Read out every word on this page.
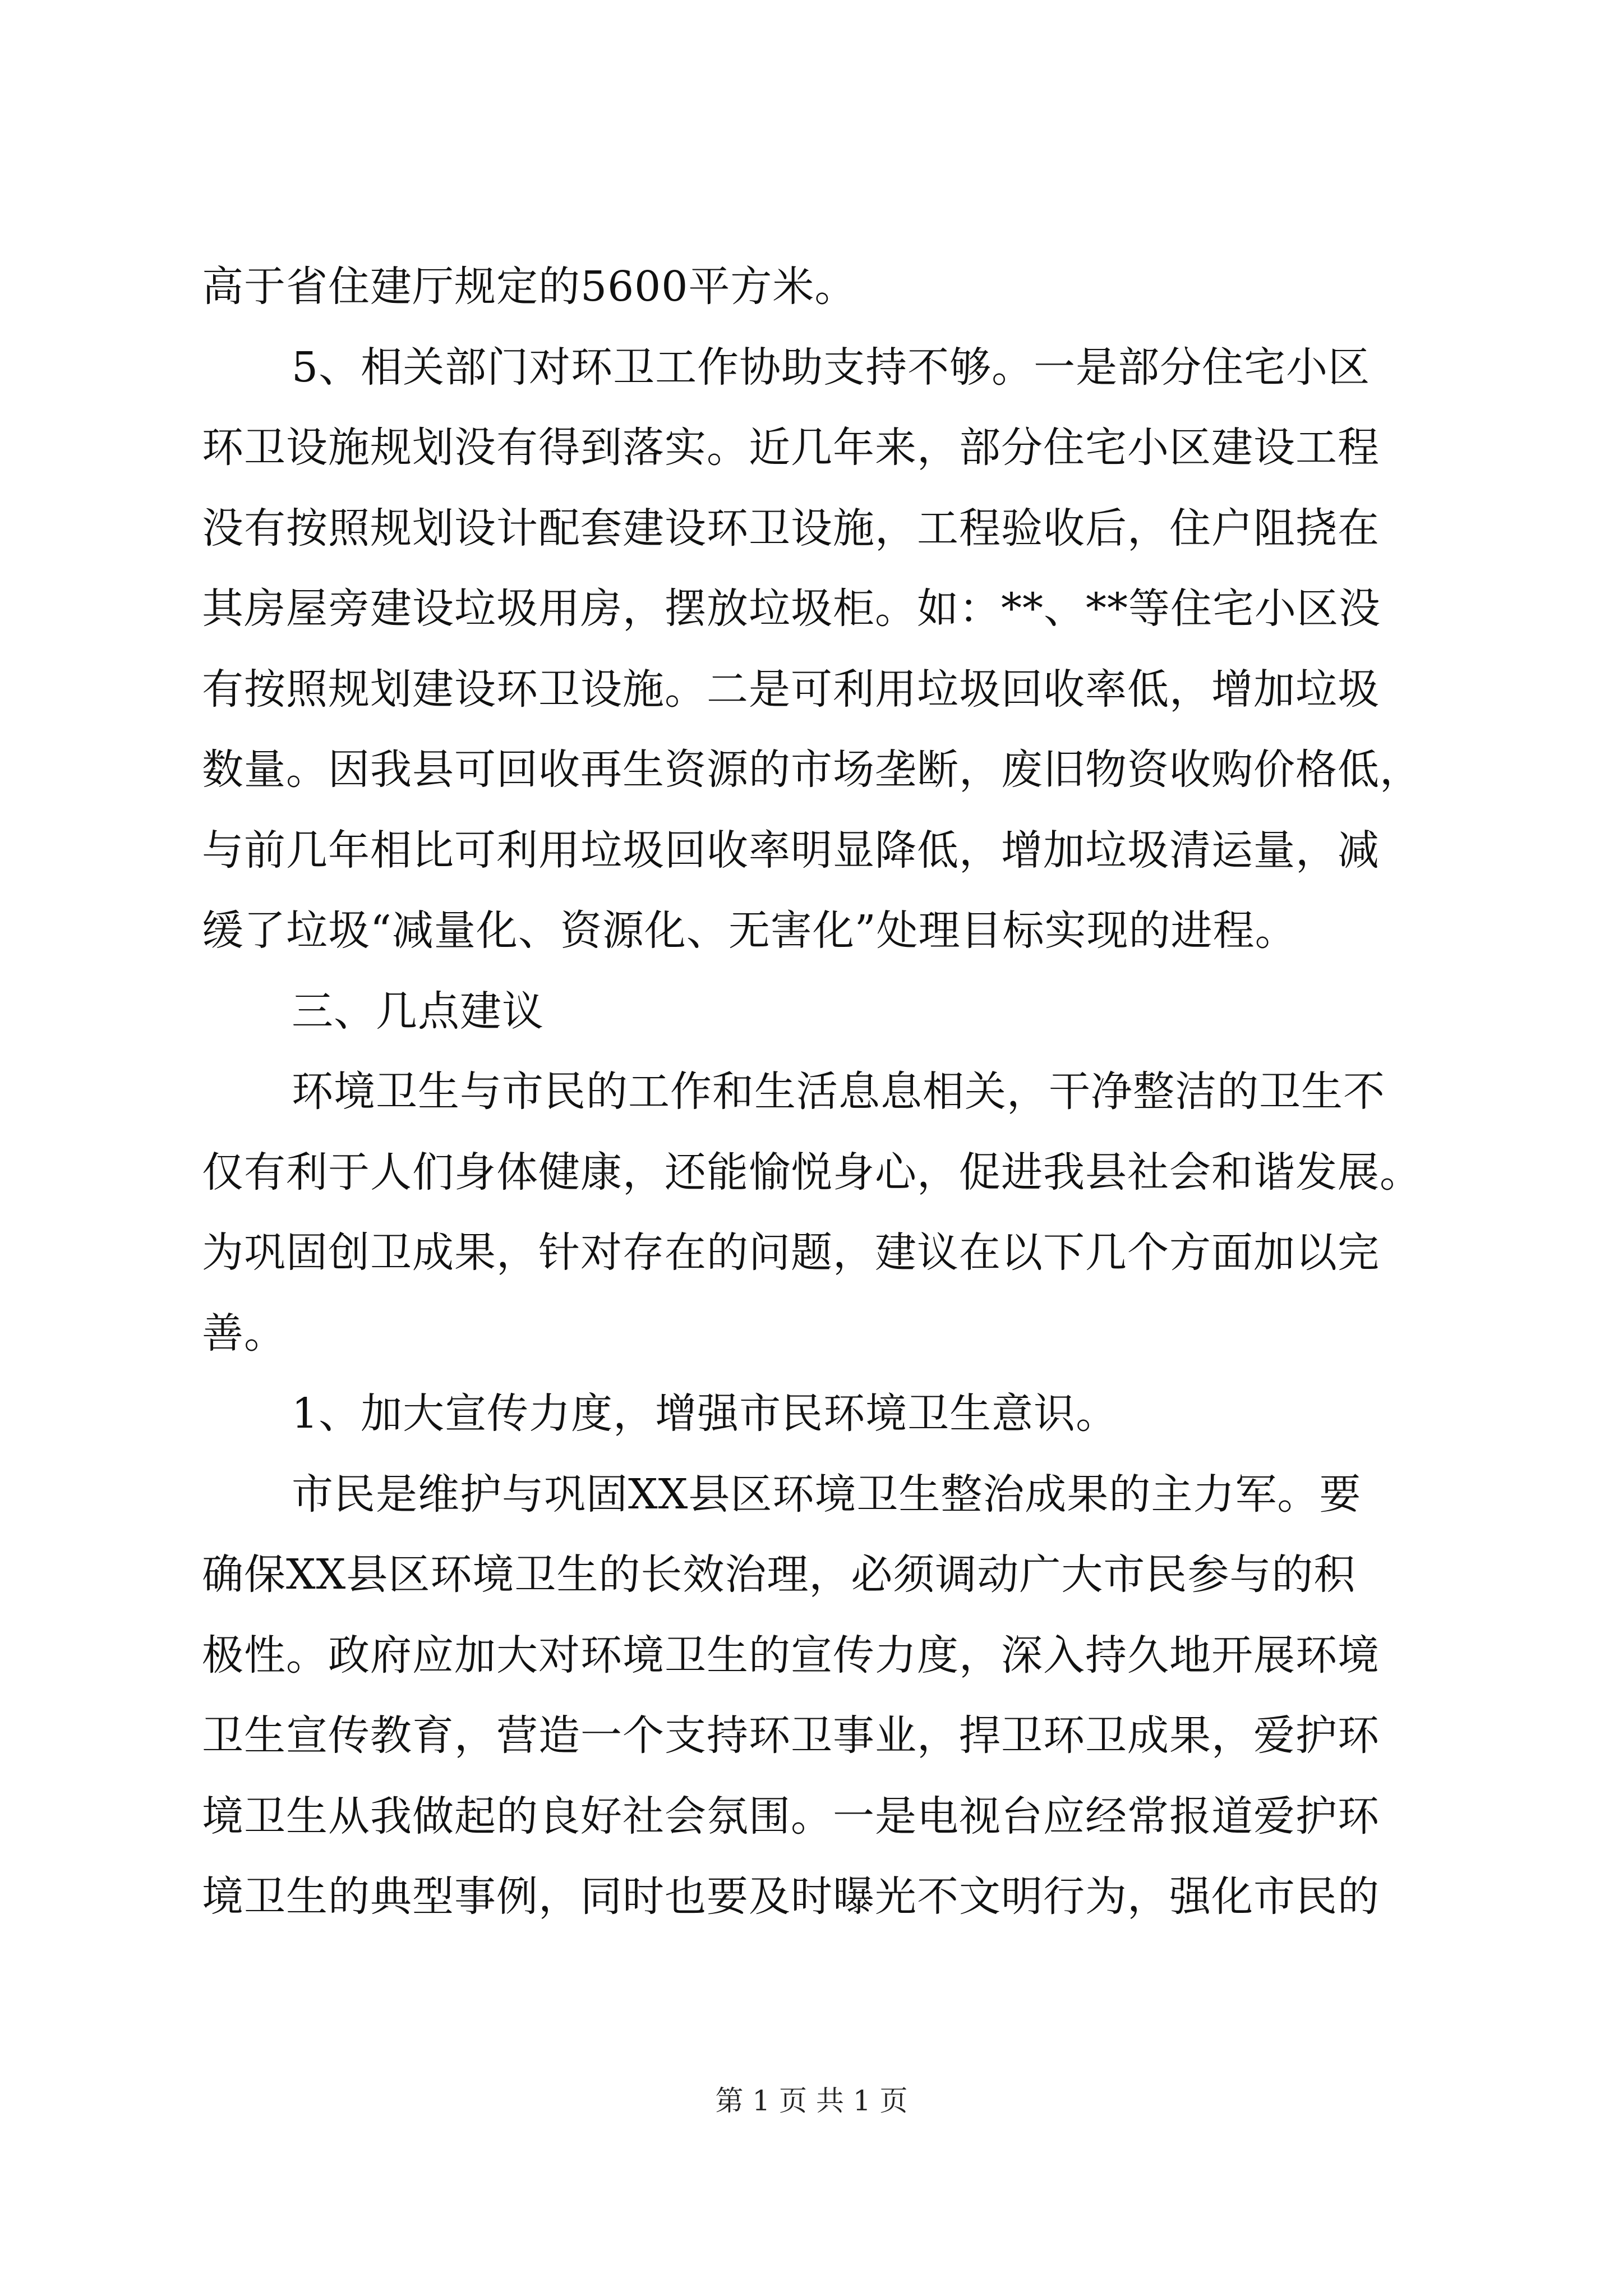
高于省住建厅规定的5600平方米。
5、相关部门对环卫工作协助支持不够。一是部分住宅小区
环卫设施规划没有得到落实。近几年来，部分住宅小区建设工程
没有按照规划设计配套建设环卫设施，工程验收后，住户阻挠在
其房屋旁建设垃圾用房，摆放垃圾柜。如：**、**等住宅小区没
有按照规划建设环卫设施。二是可利用垃圾回收率低，增加垃圾
数量。因我县可回收再生资源的市场垄断，废旧物资收购价格低，
与前几年相比可利用垃圾回收率明显降低，增加垃圾清运量，减
缓了垃圾“减量化、资源化、无害化”处理目标实现的进程。
三、几点建议
环境卫生与市民的工作和生活息息相关，干净整洁的卫生不
仅有利于人们身体健康，还能愉悦身心，促进我县社会和谐发展。
为巩固创卫成果，针对存在的问题，建议在以下几个方面加以完
善。
1、加大宣传力度，增强市民环境卫生意识。
市民是维护与巩固XX县区环境卫生整治成果的主力军。要
确保XX县区环境卫生的长效治理，必须调动广大市民参与的积
极性。政府应加大对环境卫生的宣传力度，深入持久地开展环境
卫生宣传教育，营造一个支持环卫事业，捍卫环卫成果，爱护环
境卫生从我做起的良好社会氛围。一是电视台应经常报道爱护环
境卫生的典型事例，同时也要及时曝光不文明行为，强化市民的
第 1 页 共 1 页
